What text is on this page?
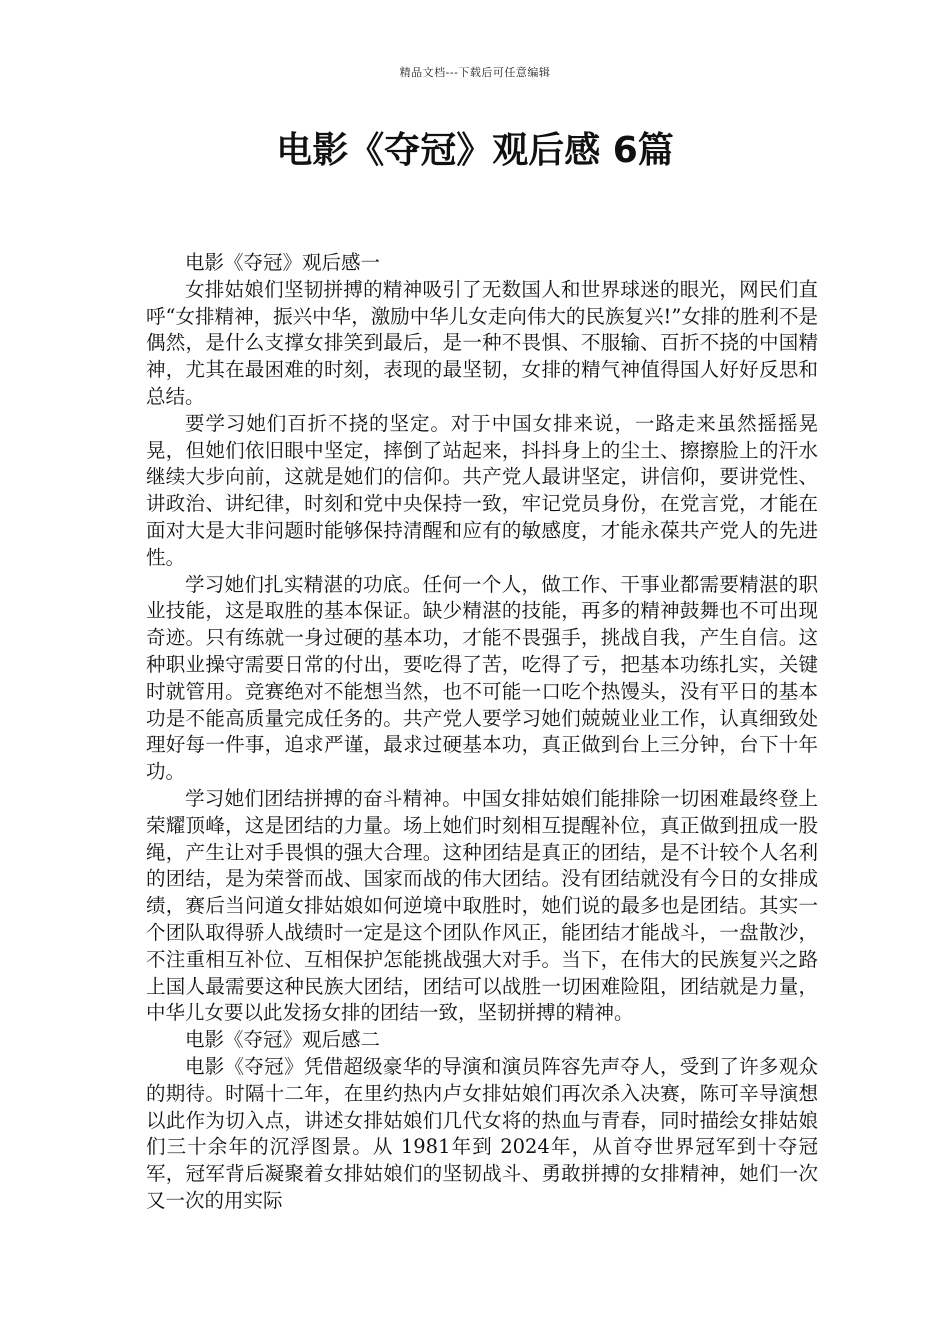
精品文档---下载后可任意编辑
电影《夺冠》观后感 6篇

电影《夺冠》观后感一

女排姑娘们坚韧拼搏的精神吸引了无数国人和世界球迷的眼光，网民们直呼“女排精神，振兴中华，激励中华儿女走向伟大的民族复兴!”女排的胜利不是偶然，是什么支撑女排笑到最后，是一种不畏惧、不服输、百折不挠的中国精神，尤其在最困难的时刻，表现的最坚韧，女排的精气神值得国人好好反思和总结。

要学习她们百折不挠的坚定。对于中国女排来说，一路走来虽然摇摇晃晃，但她们依旧眼中坚定，摔倒了站起来，抖抖身上的尘土、擦擦脸上的汗水继续大步向前，这就是她们的信仰。共产党人最讲坚定，讲信仰，要讲党性、讲政治、讲纪律，时刻和党中央保持一致，牢记党员身份，在党言党，才能在面对大是大非问题时能够保持清醒和应有的敏感度，才能永葆共产党人的先进性。

学习她们扎实精湛的功底。任何一个人，做工作、干事业都需要精湛的职业技能，这是取胜的基本保证。缺少精湛的技能，再多的精神鼓舞也不可出现奇迹。只有练就一身过硬的基本功，才能不畏强手，挑战自我，产生自信。这种职业操守需要日常的付出，要吃得了苦，吃得了亏，把基本功练扎实，关键时就管用。竞赛绝对不能想当然，也不可能一口吃个热馒头，没有平日的基本功是不能高质量完成任务的。共产党人要学习她们兢兢业业工作，认真细致处理好每一件事，追求严谨，最求过硬基本功，真正做到台上三分钟，台下十年功。

学习她们团结拼搏的奋斗精神。中国女排姑娘们能排除一切困难最终登上荣耀顶峰，这是团结的力量。场上她们时刻相互提醒补位，真正做到扭成一股绳，产生让对手畏惧的强大合理。这种团结是真正的团结，是不计较个人名利的团结，是为荣誉而战、国家而战的伟大团结。没有团结就没有今日的女排成绩，赛后当问道女排姑娘如何逆境中取胜时，她们说的最多也是团结。其实一个团队取得骄人战绩时一定是这个团队作风正，能团结才能战斗，一盘散沙，不注重相互补位、互相保护怎能挑战强大对手。当下，在伟大的民族复兴之路上国人最需要这种民族大团结，团结可以战胜一切困难险阻，团结就是力量，中华儿女要以此发扬女排的团结一致，坚韧拼搏的精神。

电影《夺冠》观后感二

电影《夺冠》凭借超级豪华的导演和演员阵容先声夺人，受到了许多观众的期待。时隔十二年，在里约热内卢女排姑娘们再次杀入决赛，陈可辛导演想以此作为切入点，讲述女排姑娘们几代女将的热血与青春，同时描绘女排姑娘们三十余年的沉浮图景。从 1981年到 2024年，从首夺世界冠军到十夺冠军，冠军背后凝聚着女排姑娘们的坚韧战斗、勇敢拼搏的女排精神，她们一次又一次的用实际
